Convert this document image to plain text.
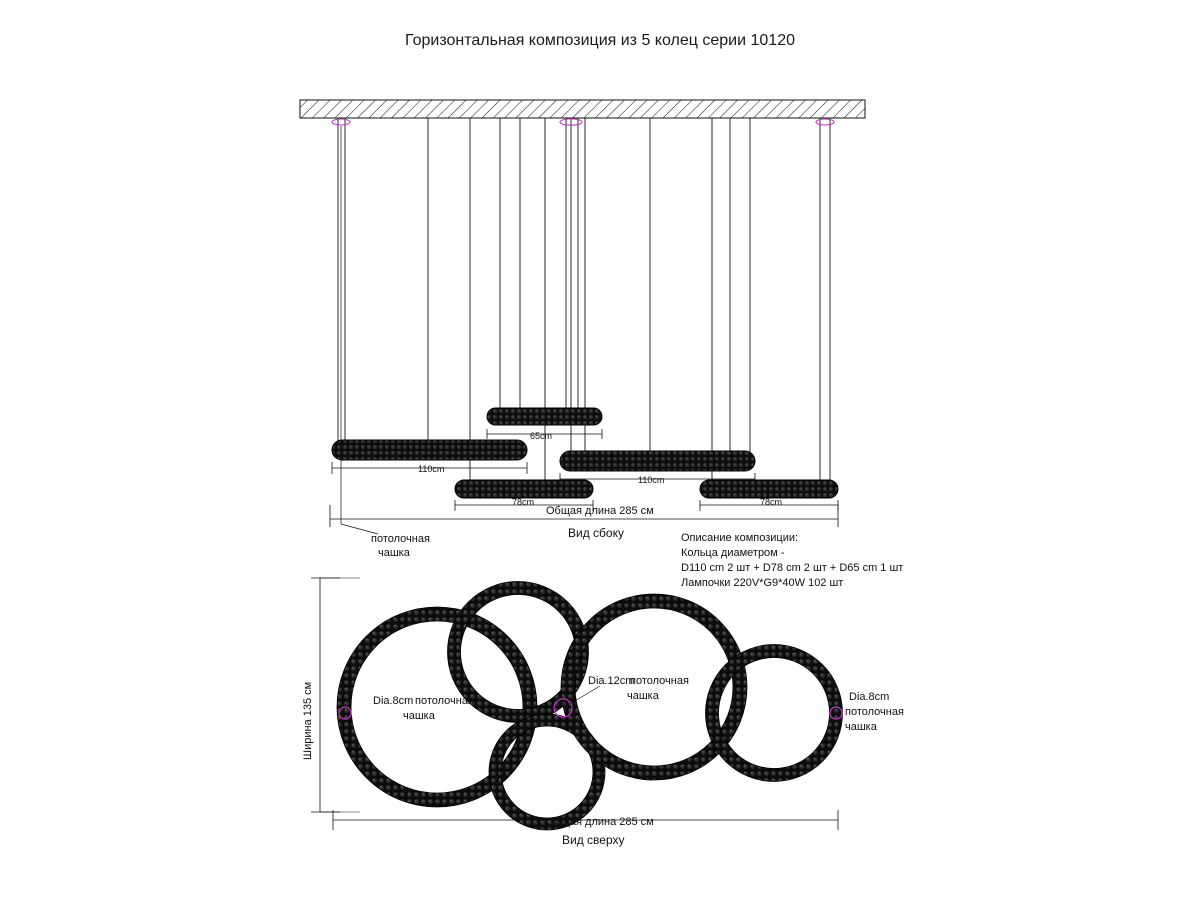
Горизонтальная композиция из 5 колец серии 10120
110cm
65cm
78cm
110cm
78cm
Общая длина 285 см
Вид сбоку
потолочная
чашка
Описание композиции:
Кольца диаметром -
D110 cm 2 шт + D78 cm 2 шт + D65 cm 1 шт
Лампочки 220V*G9*40W 102 шт
Ширина 135 см	Dia.8cm потолочная
чашка
Dia.12cm
потолочная
чашка	Dia.8cm
потолочная
чашка
Общая длина 285 см
Вид сверху
